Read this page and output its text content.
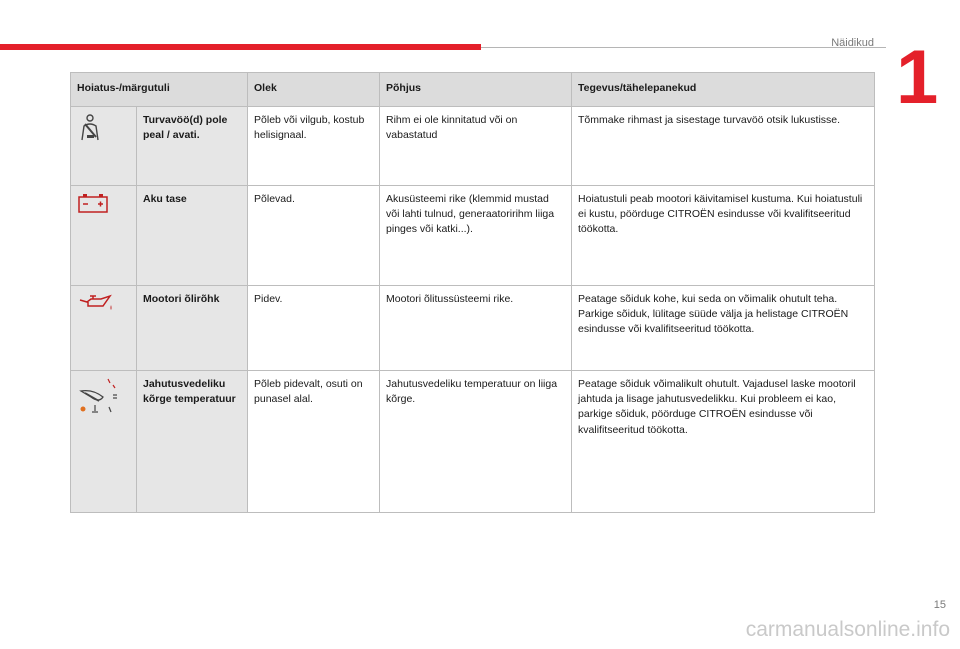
Näidikud 1
Hoiatus-/märgutuli		Olek	Põhjus	Tegevus/tähelepanekud
	Turvavöö(d) pole peal / avati.	Põleb või vilgub, kostub helisignaal.	Rihm ei ole kinnitatud või on vabastatud	Tõmmake rihmast ja sisestage turvavöö otsik lukustisse.
	Aku tase	Põlevad.	Akusüsteemi rike (klemmid mustad või lahti tulnud, generaatoririhm liiga pinges või katki...).	Hoiatustuli peab mootori käivitamisel kustuma. Kui hoiatustuli ei kustu, pöörduge CITROËN esindusse või kvalifitseeritud töökotta.
	Mootori õlirõhk	Pidev.	Mootori õlitussüsteemi rike.	Peatage sõiduk kohe, kui seda on võimalik ohutult teha. Parkige sõiduk, lülitage süüde välja ja helistage CITROËN esindusse või kvalifitseeritud töökotta.
	Jahutusvedeliku kõrge temperatuur	Põleb pidevalt, osuti on punasel alal.	Jahutusvedeliku temperatuur on liiga kõrge.	Peatage sõiduk võimalikult ohutult. Vajadusel laske mootoril jahtuda ja lisage jahutusvedelikku. Kui probleem ei kao, parkige sõiduk, pöörduge CITROËN esindusse või kvalifitseeritud töökotta.
15
carmanualsonline.info
